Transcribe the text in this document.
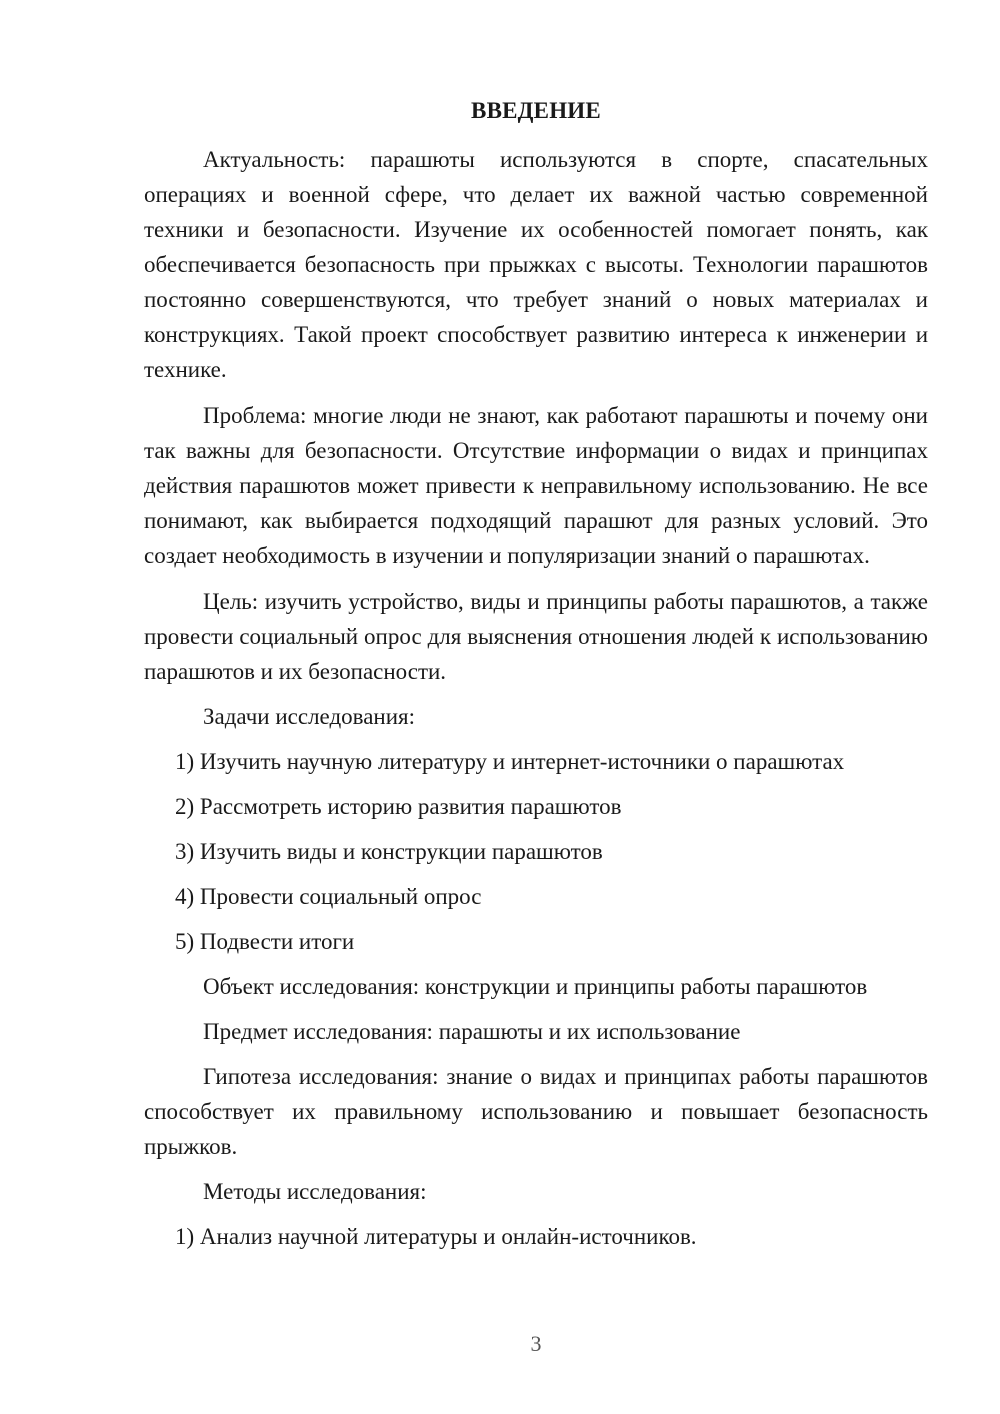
ВВЕДЕНИЕ

Актуальность: парашюты используются в спорте, спасательных операциях и военной сфере, что делает их важной частью современной техники и безопасности. Изучение их особенностей помогает понять, как обеспечивается безопасность при прыжках с высоты. Технологии парашютов постоянно совершенствуются, что требует знаний о новых материалах и конструкциях. Такой проект способствует развитию интереса к инженерии и технике.

Проблема: многие люди не знают, как работают парашюты и почему они так важны для безопасности. Отсутствие информации о видах и принципах действия парашютов может привести к неправильному использованию. Не все понимают, как выбирается подходящий парашют для разных условий. Это создает необходимость в изучении и популяризации знаний о парашютах.

Цель: изучить устройство, виды и принципы работы парашютов, а также провести социальный опрос для выяснения отношения людей к использованию парашютов и их безопасности.

Задачи исследования:

1) Изучить научную литературу и интернет-источники о парашютах

2) Рассмотреть историю развития парашютов

3) Изучить виды и конструкции парашютов

4) Провести социальный опрос

5) Подвести итоги

Объект исследования: конструкции и принципы работы парашютов

Предмет исследования: парашюты и их использование

Гипотеза исследования: знание о видах и принципах работы парашютов способствует их правильному использованию и повышает безопасность прыжков.

Методы исследования:

1) Анализ научной литературы и онлайн-источников.

3
